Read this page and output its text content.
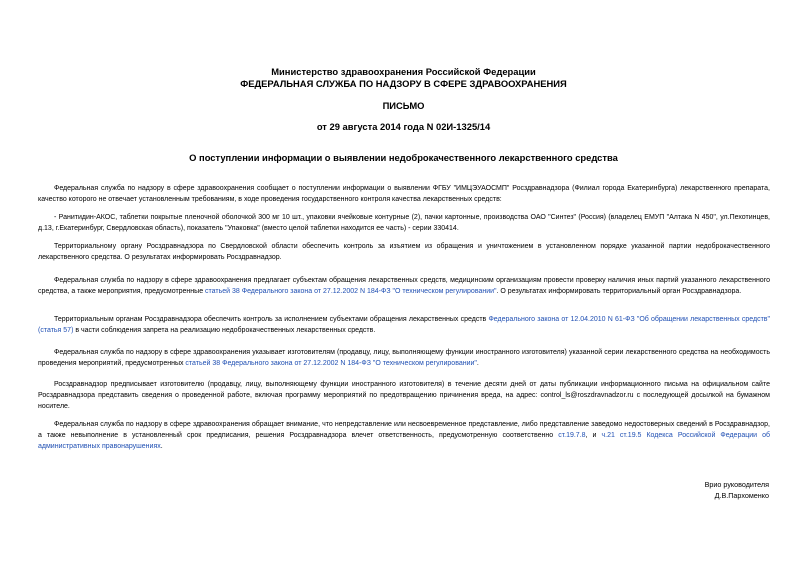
Министерство здравоохранения Российской Федерации
ФЕДЕРАЛЬНАЯ СЛУЖБА ПО НАДЗОРУ В СФЕРЕ ЗДРАВООХРАНЕНИЯ
ПИСЬМО
от 29 августа 2014 года N 02И-1325/14
О поступлении информации о выявлении недоброкачественного лекарственного средства

Федеральная служба по надзору в сфере здравоохранения сообщает о поступлении информации о выявлении ФГБУ "ИМЦЭУАОСМП" Росздравнадзора (Филиал города Екатеринбурга) лекарственного препарата, качество которого не отвечает установленным требованиям, в ходе проведения государственного контроля качества лекарственных средств:

- Ранитидин-АКОС, таблетки покрытые пленочной оболочкой 300 мг 10 шт., упаковки ячейковые контурные (2), пачки картонные, производства ОАО "Синтез" (Россия) (владелец ЕМУП "Алтака N 450", ул.Пехотинцев, д.13, г.Екатеринбург, Свердловская область), показатель "Упаковка" (вместо целой таблетки находится ее часть) - серии 330414.

Территориальному органу Росздравнадзора по Свердловской области обеспечить контроль за изъятием из обращения и уничтожением в установленном порядке указанной партии недоброкачественного лекарственного средства. О результатах информировать Росздравнадзор.

Федеральная служба по надзору в сфере здравоохранения предлагает субъектам обращения лекарственных средств, медицинским организациям провести проверку наличия иных партий указанного лекарственного средства, а также мероприятия, предусмотренные статьей 38 Федерального закона от 27.12.2002 N 184-ФЗ "О техническом регулировании". О результатах информировать территориальный орган Росздравнадзора.

Территориальным органам Росздравнадзора обеспечить контроль за исполнением субъектами обращения лекарственных средств Федерального закона от 12.04.2010 N 61-ФЗ "Об обращении лекарственных средств" (статья 57) в части соблюдения запрета на реализацию недоброкачественных лекарственных средств.

Федеральная служба по надзору в сфере здравоохранения указывает изготовителям (продавцу, лицу, выполняющему функции иностранного изготовителя) указанной серии лекарственного средства на необходимость проведения мероприятий, предусмотренных статьей 38 Федерального закона от 27.12.2002 N 184-ФЗ "О техническом регулировании".

Росздравнадзор предписывает изготовителю (продавцу, лицу, выполняющему функции иностранного изготовителя) в течение десяти дней от даты публикации информационного письма на официальном сайте Росздравнадзора представить сведения о проведенной работе, включая программу мероприятий по предотвращению причинения вреда, на адрес: control_ls@roszdravnadzor.ru с последующей досылкой на бумажном носителе.

Федеральная служба по надзору в сфере здравоохранения обращает внимание, что непредставление или несвоевременное представление, либо представление заведомо недостоверных сведений в Росздравнадзор, а также невыполнение в установленный срок предписания, решения Росздравнадзора влечет ответственность, предусмотренную соответственно ст.19.7.8, и ч.21 ст.19.5 Кодекса Российской Федерации об административных правонарушениях.

Врио руководителя
Д.В.Пархоменко
